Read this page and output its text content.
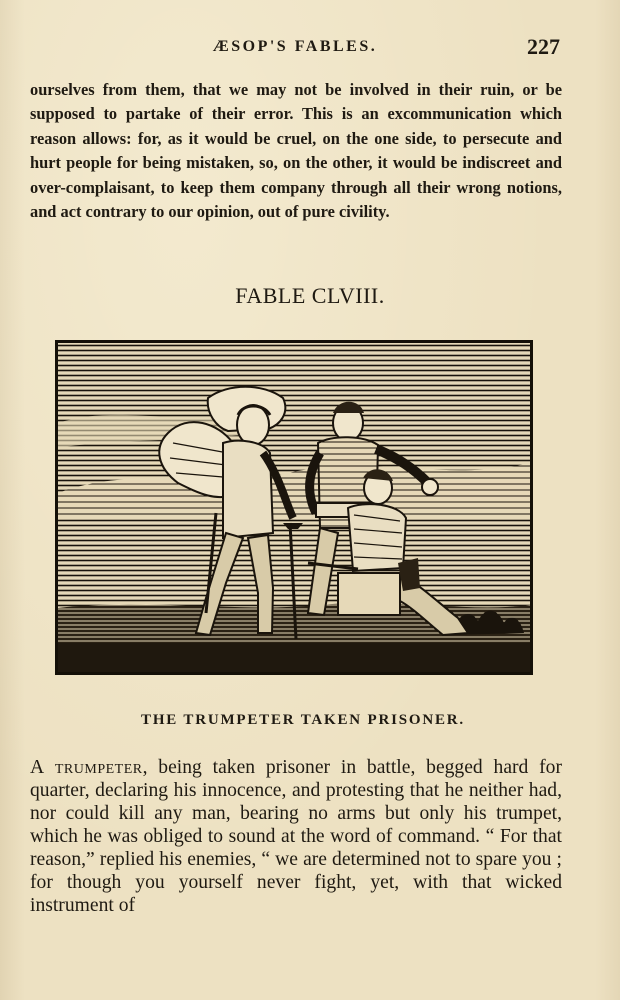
ÆSOP'S FABLES.	227

ourselves from them, that we may not be involved in their ruin, or be supposed to partake of their error. This is an excommunication which reason allows: for, as it would be cruel, on the one side, to persecute and hurt people for being mistaken, so, on the other, it would be indiscreet and over-complaisant, to keep them company through all their wrong notions, and act contrary to our opinion, out of pure civility.

FABLE CLVIII.
THE TRUMPETER TAKEN PRISONER.

A trumpeter, being taken prisoner in battle, begged hard for quarter, declaring his innocence, and protesting that he neither had, nor could kill any man, bearing no arms but only his trumpet, which he was obliged to sound at the word of command. “ For that reason,” replied his enemies, “ we are determined not to spare you ; for though you yourself never fight, yet, with that wicked instrument of
